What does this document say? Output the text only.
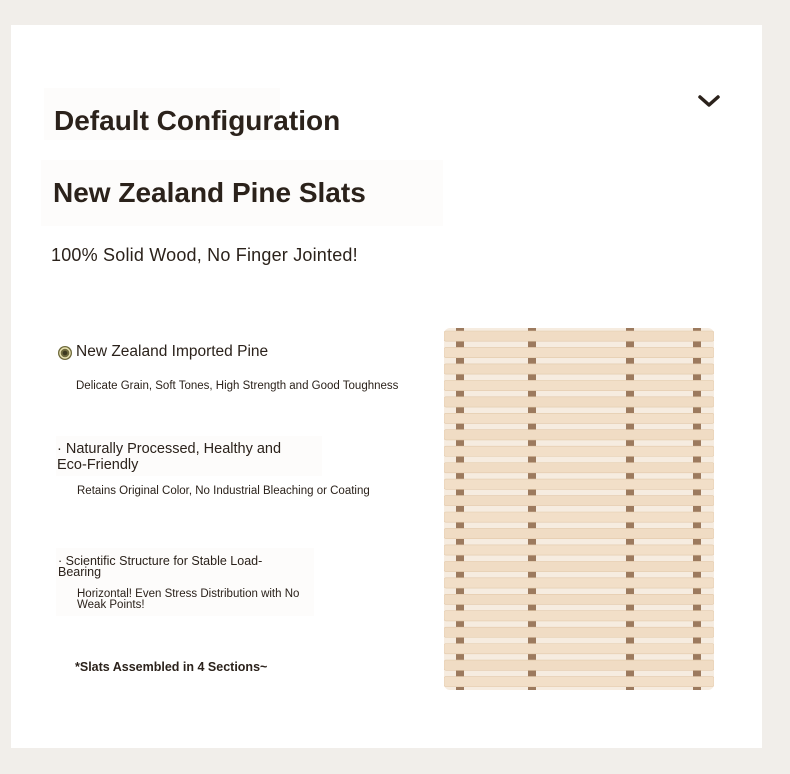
Default Configuration
New Zealand Pine Slats
100% Solid Wood, No Finger Jointed!
New Zealand Imported Pine
Delicate Grain, Soft Tones, High Strength and Good Toughness
· Naturally Processed, Healthy and Eco-Friendly
Retains Original Color, No Industrial Bleaching or Coating
· Scientific Structure for Stable Load-Bearing
Horizontal! Even Stress Distribution with No Weak Points!
*Slats Assembled in 4 Sections~
